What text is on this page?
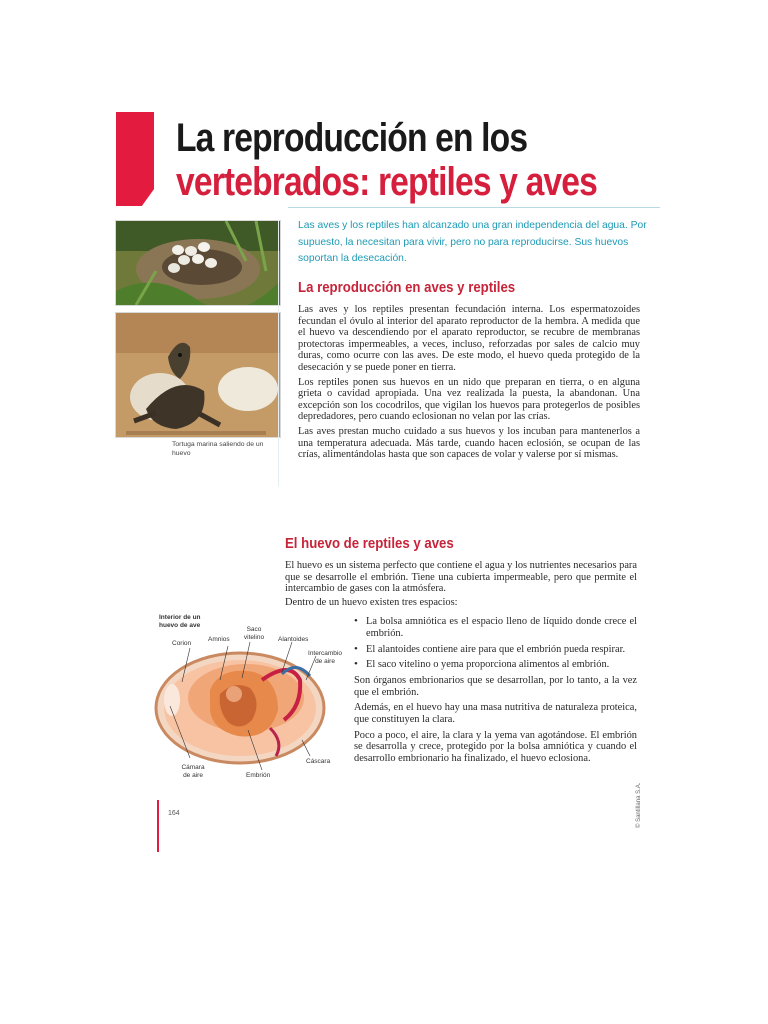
La reproducción en los
vertebrados: reptiles y aves
Las aves y los reptiles han alcanzado una gran independencia del agua. Por supuesto, la necesitan para vivir, pero no para reproducirse. Sus huevos soportan la desecación.
Tortuga marina saliendo de un huevo
La reproducción en aves y reptiles

Las aves y los reptiles presentan fecundación interna. Los espermatozoides fecundan el óvulo al interior del aparato reproductor de la hembra. A medida que el huevo va descendiendo por el aparato reproductor, se recubre de membranas protectoras impermeables, a veces, incluso, reforzadas por sales de calcio muy duras, como ocurre con las aves. De este modo, el huevo queda protegido de la desecación y se puede poner en tierra.

Los reptiles ponen sus huevos en un nido que preparan en tierra, o en alguna grieta o cavidad apropiada. Una vez realizada la puesta, la abandonan. Una excepción son los cocodrilos, que vigilan los huevos para protegerlos de posibles depredadores, pero cuando eclosionan no velan por las crías.

Las aves prestan mucho cuidado a sus huevos y los incuban para mantenerlos a una temperatura adecuada. Más tarde, cuando hacen eclosión, se ocupan de las crías, alimentándolas hasta que son capaces de volar y valerse por sí mismas.

El huevo de reptiles y aves

El huevo es un sistema perfecto que contiene el agua y los nutrientes necesarios para que se desarrolle el embrión. Tiene una cubierta impermeable, pero que permite el intercambio de gases con la atmósfera.

Dentro de un huevo existen tres espacios:

• La bolsa amniótica es el espacio lleno de líquido donde crece el embrión.
• El alantoides contiene aire para que el embrión pueda respirar.
• El saco vitelino o yema proporciona alimentos al embrión.

Son órganos embrionarios que se desarrollan, por lo tanto, a la vez que el embrión.

Además, en el huevo hay una masa nutritiva de naturaleza proteica, que constituyen la clara.

Poco a poco, el aire, la clara y la yema van agotándose. El embrión se desarrolla y crece, protegido por la bolsa amniótica y cuando el desarrollo embrionario ha finalizado, el huevo eclosiona.

Interior de un huevo de ave
Corion
Amnios
Saco vitelino Alantoides
Intercambio de aire
Cámara de aire	Embrión
Cáscara
164	© Santillana S.A.
